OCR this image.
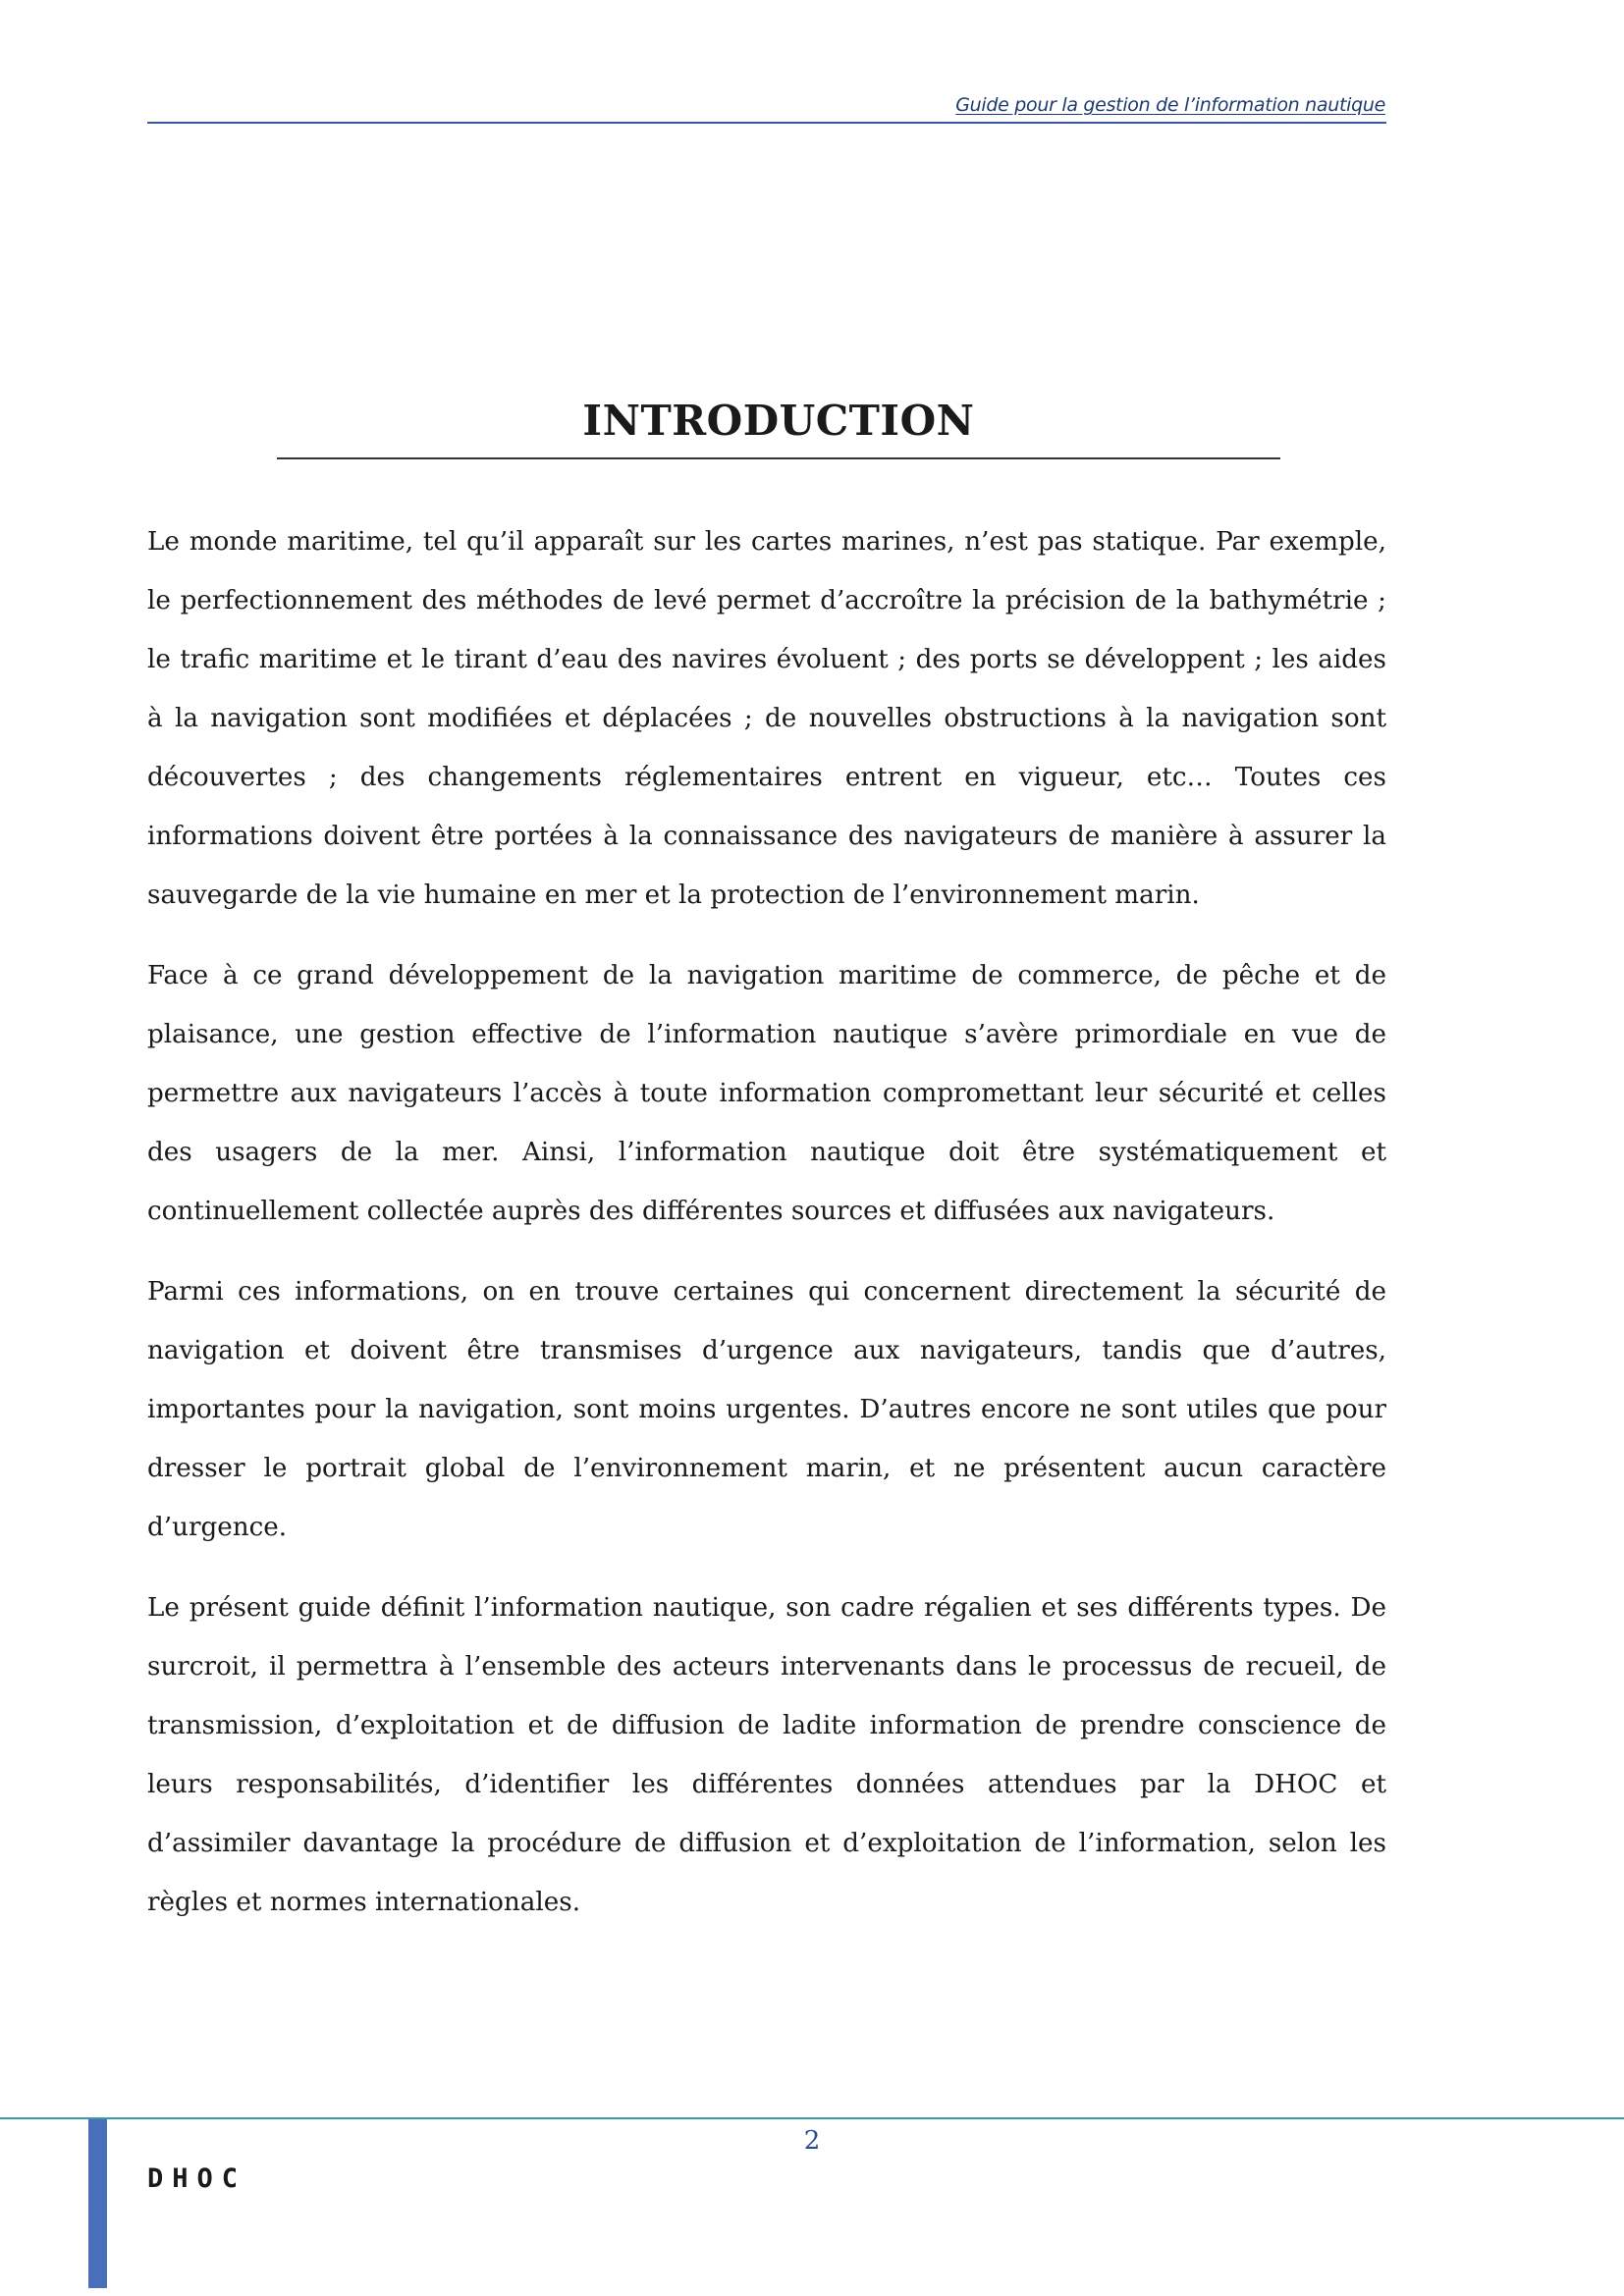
Guide pour la gestion de l’information nautique
INTRODUCTION

Le monde maritime, tel qu’il apparaît sur les cartes marines, n’est pas statique. Par exemple, le perfectionnement des méthodes de levé permet d’accroître la précision de la bathymétrie ; le trafic maritime et le tirant d’eau des navires évoluent ; des ports se développent ; les aides à la navigation sont modifiées et déplacées ; de nouvelles obstructions à la navigation sont découvertes ; des changements réglementaires entrent en vigueur, etc… Toutes ces informations doivent être portées à la connaissance des navigateurs de manière à assurer la sauvegarde de la vie humaine en mer et la protection de l’environnement marin.

Face à ce grand développement de la navigation maritime de commerce, de pêche et de plaisance, une gestion effective de l’information nautique s’avère primordiale en vue de permettre aux navigateurs l’accès à toute information compromettant leur sécurité et celles des usagers de la mer. Ainsi, l’information nautique doit être systématiquement et continuellement collectée auprès des différentes sources et diffusées aux navigateurs.

Parmi ces informations, on en trouve certaines qui concernent directement la sécurité de navigation et doivent être transmises d’urgence aux navigateurs, tandis que d’autres, importantes pour la navigation, sont moins urgentes. D’autres encore ne sont utiles que pour dresser le portrait global de l’environnement marin, et ne présentent aucun caractère d’urgence.

Le présent guide définit l’information nautique, son cadre régalien et ses différents types. De surcroit, il permettra à l’ensemble des acteurs intervenants dans le processus de recueil, de transmission, d’exploitation et de diffusion de ladite information de prendre conscience de leurs responsabilités, d’identifier les différentes données attendues par la DHOC et d’assimiler davantage la procédure de diffusion et d’exploitation de l’information, selon les règles et normes internationales.

2
DHOC
